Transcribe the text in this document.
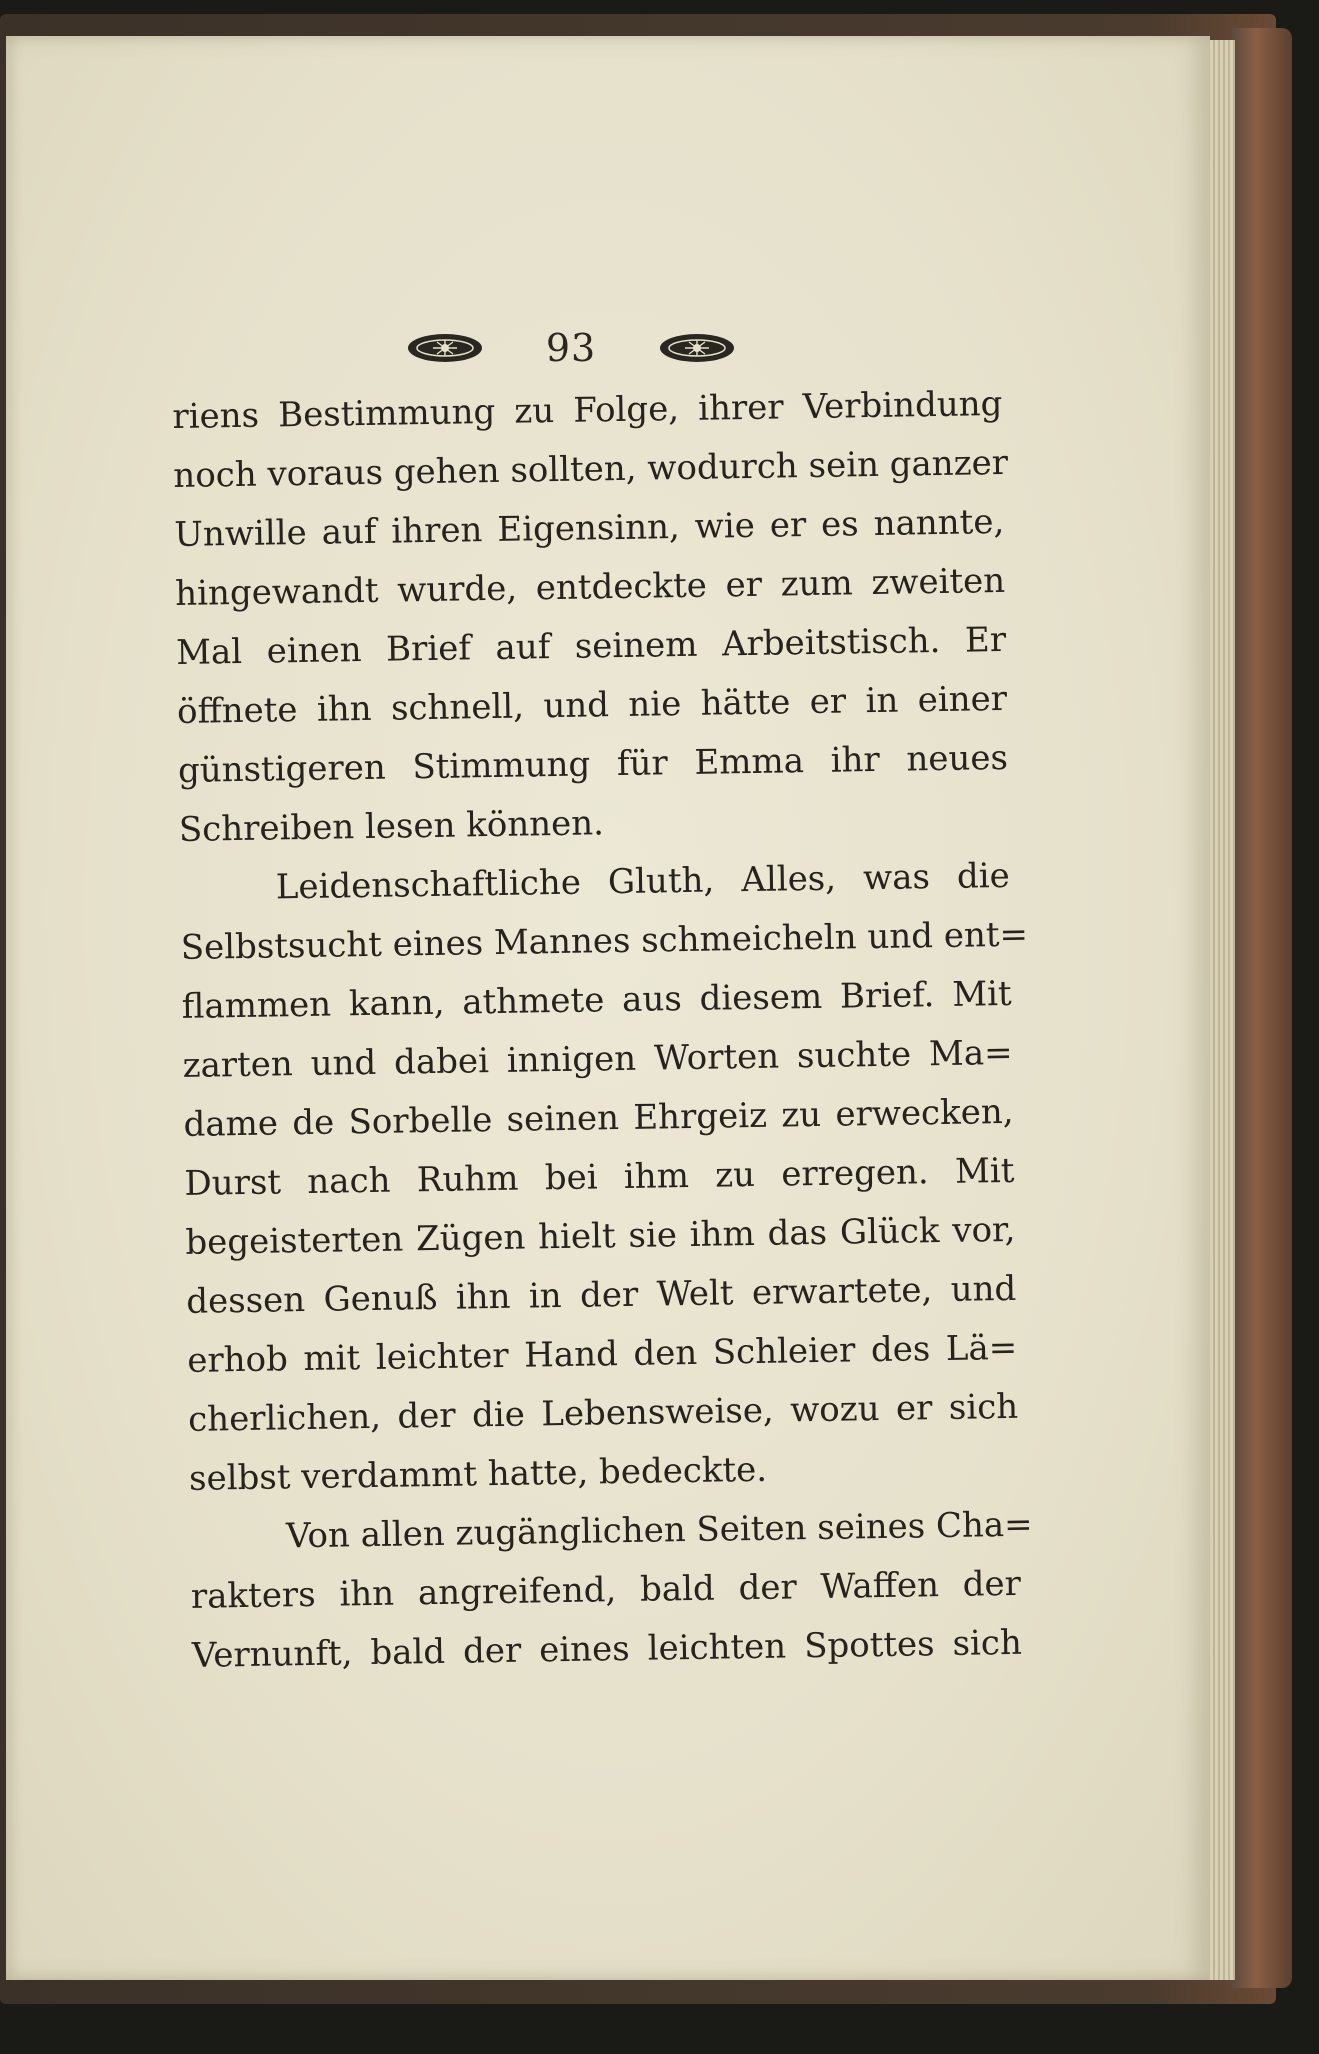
93
riens Bestimmung zu Folge, ihrer Verbindung
noch voraus gehen sollten, wodurch sein ganzer
Unwille auf ihren Eigensinn, wie er es nannte,
hingewandt wurde, entdeckte er zum zweiten
Mal einen Brief auf seinem Arbeitstisch. Er
öffnete ihn schnell, und nie hätte er in einer
günstigeren Stimmung für Emma ihr neues
Schreiben lesen können.
Leidenschaftliche Gluth, Alles, was die
Selbstsucht eines Mannes schmeicheln und ent=
flammen kann, athmete aus diesem Brief. Mit
zarten und dabei innigen Worten suchte Ma=
dame de Sorbelle seinen Ehrgeiz zu erwecken,
Durst nach Ruhm bei ihm zu erregen. Mit
begeisterten Zügen hielt sie ihm das Glück vor,
dessen Genuß ihn in der Welt erwartete, und
erhob mit leichter Hand den Schleier des Lä=
cherlichen, der die Lebensweise, wozu er sich
selbst verdammt hatte, bedeckte.
Von allen zugänglichen Seiten seines Cha=
rakters ihn angreifend, bald der Waffen der
Vernunft, bald der eines leichten Spottes sich
